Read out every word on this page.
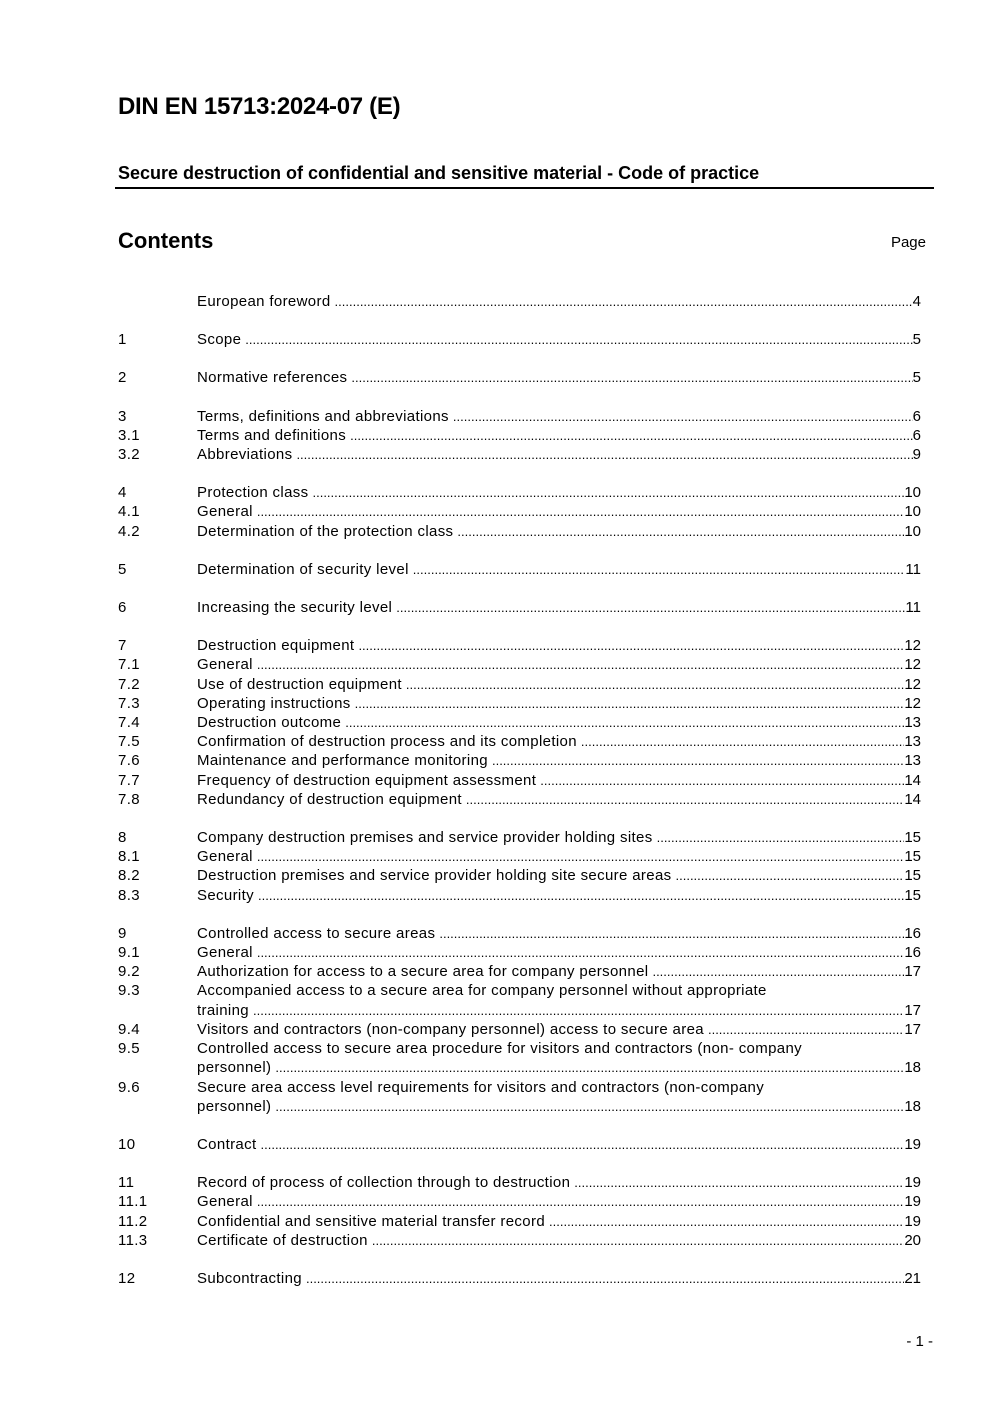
DIN EN 15713:2024-07 (E)
Secure destruction of confidential and sensitive material - Code of practice
Contents	Page
European foreword .....	4
1	Scope .....	5
2	Normative references .....	5
3	Terms, definitions and abbreviations .....	6
3.1	Terms and definitions .....	6
3.2	Abbreviations .....	9
4	Protection class .....	10
4.1	General .....	10
4.2	Determination of the protection class .....	10
5	Determination of security level .....	11
6	Increasing the security level .....	11
7	Destruction equipment .....	12
7.1	General .....	12
7.2	Use of destruction equipment .....	12
7.3	Operating instructions .....	12
7.4	Destruction outcome .....	13
7.5	Confirmation of destruction process and its completion .....	13
7.6	Maintenance and performance monitoring .....	13
7.7	Frequency of destruction equipment assessment .....	14
7.8	Redundancy of destruction equipment .....	14
8	Company destruction premises and service provider holding sites .....	15
8.1	General .....	15
8.2	Destruction premises and service provider holding site secure areas .....	15
8.3	Security .....	15
9	Controlled access to secure areas .....	16
9.1	General .....	16
9.2	Authorization for access to a secure area for company personnel .....	17
9.3	Accompanied access to a secure area for company personnel without appropriate
training .....	17
9.4	Visitors and contractors (non-company personnel) access to secure area .....	17
9.5	Controlled access to secure area procedure for visitors and contractors (non- company
personnel) .....	18
9.6	Secure area access level requirements for visitors and contractors (non-company
personnel) .....	18
10	Contract .....	19
11	Record of process of collection through to destruction .....	19
11.1	General .....	19
11.2	Confidential and sensitive material transfer record .....	19
11.3	Certificate of destruction .....	20
12	Subcontracting .....	21
- 1 -
